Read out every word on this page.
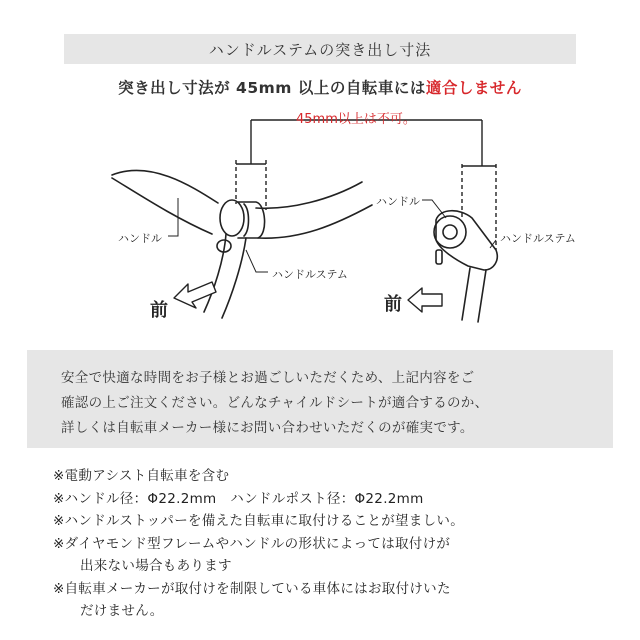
ハンドルステムの突き出し寸法
突き出し寸法が 45mm 以上の自転車には適合しません
45mm以上は不可。
ハンドル
ハンドルステム
前
ハンドル
ハンドルステム
前
安全で快適な時間をお子様とお過ごしいただくため、上記内容をご
確認の上ご注文ください。どんなチャイルドシートが適合するのか、
詳しくは自転車メーカー様にお問い合わせいただくのが確実です。
※電動アシスト自転車を含む
※ハンドル径：Φ22.2mm　ハンドルポスト径：Φ22.2mm
※ハンドルストッパーを備えた自転車に取付けることが望ましい。
※ダイヤモンド型フレームやハンドルの形状によっては取付けが
出来ない場合もあります
※自転車メーカーが取付けを制限している車体にはお取付けいた
だけません。
